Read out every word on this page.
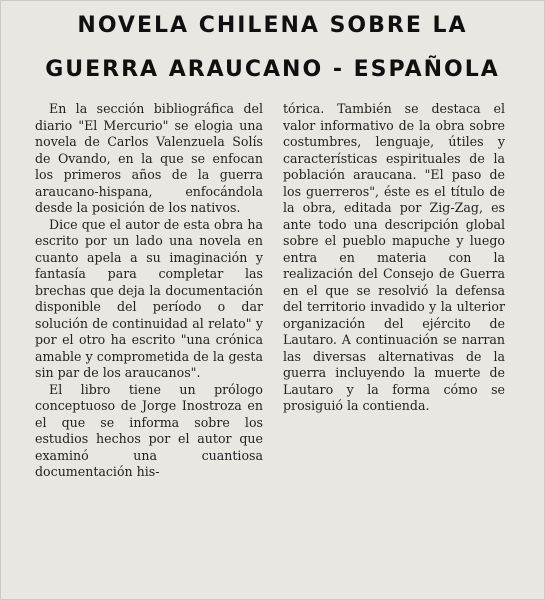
NOVELA CHILENA SOBRE LA
GUERRA ARAUCANO - ESPAÑOLA

En la sección bibliográfica del diario "El Mercurio" se elogia una novela de Carlos Valenzuela Solís de Ovando, en la que se enfocan los primeros años de la guerra araucano-hispana, enfocándola desde la posición de los nativos.

Dice que el autor de esta obra ha escrito por un lado una novela en cuanto apela a su imaginación y fantasía para completar las brechas que deja la documentación disponible del período o dar solución de continuidad al relato" y por el otro ha escrito "una crónica amable y comprometida de la gesta sin par de los araucanos".

El libro tiene un prólogo conceptuoso de Jorge Inostroza en el que se informa sobre los estudios hechos por el autor que examinó una cuantiosa documentación his-

tórica. También se destaca el valor informativo de la obra sobre costumbres, lenguaje, útiles y características espirituales de la población araucana. "El paso de los guerreros", éste es el título de la obra, editada por Zig-Zag, es ante todo una descripción global sobre el pueblo mapuche y luego entra en materia con la realización del Consejo de Guerra en el que se resolvió la defensa del territorio invadido y la ulterior organización del ejército de Lautaro. A continuación se narran las diversas alternativas de la guerra incluyendo la muerte de Lautaro y la forma cómo se prosiguió la contienda.
